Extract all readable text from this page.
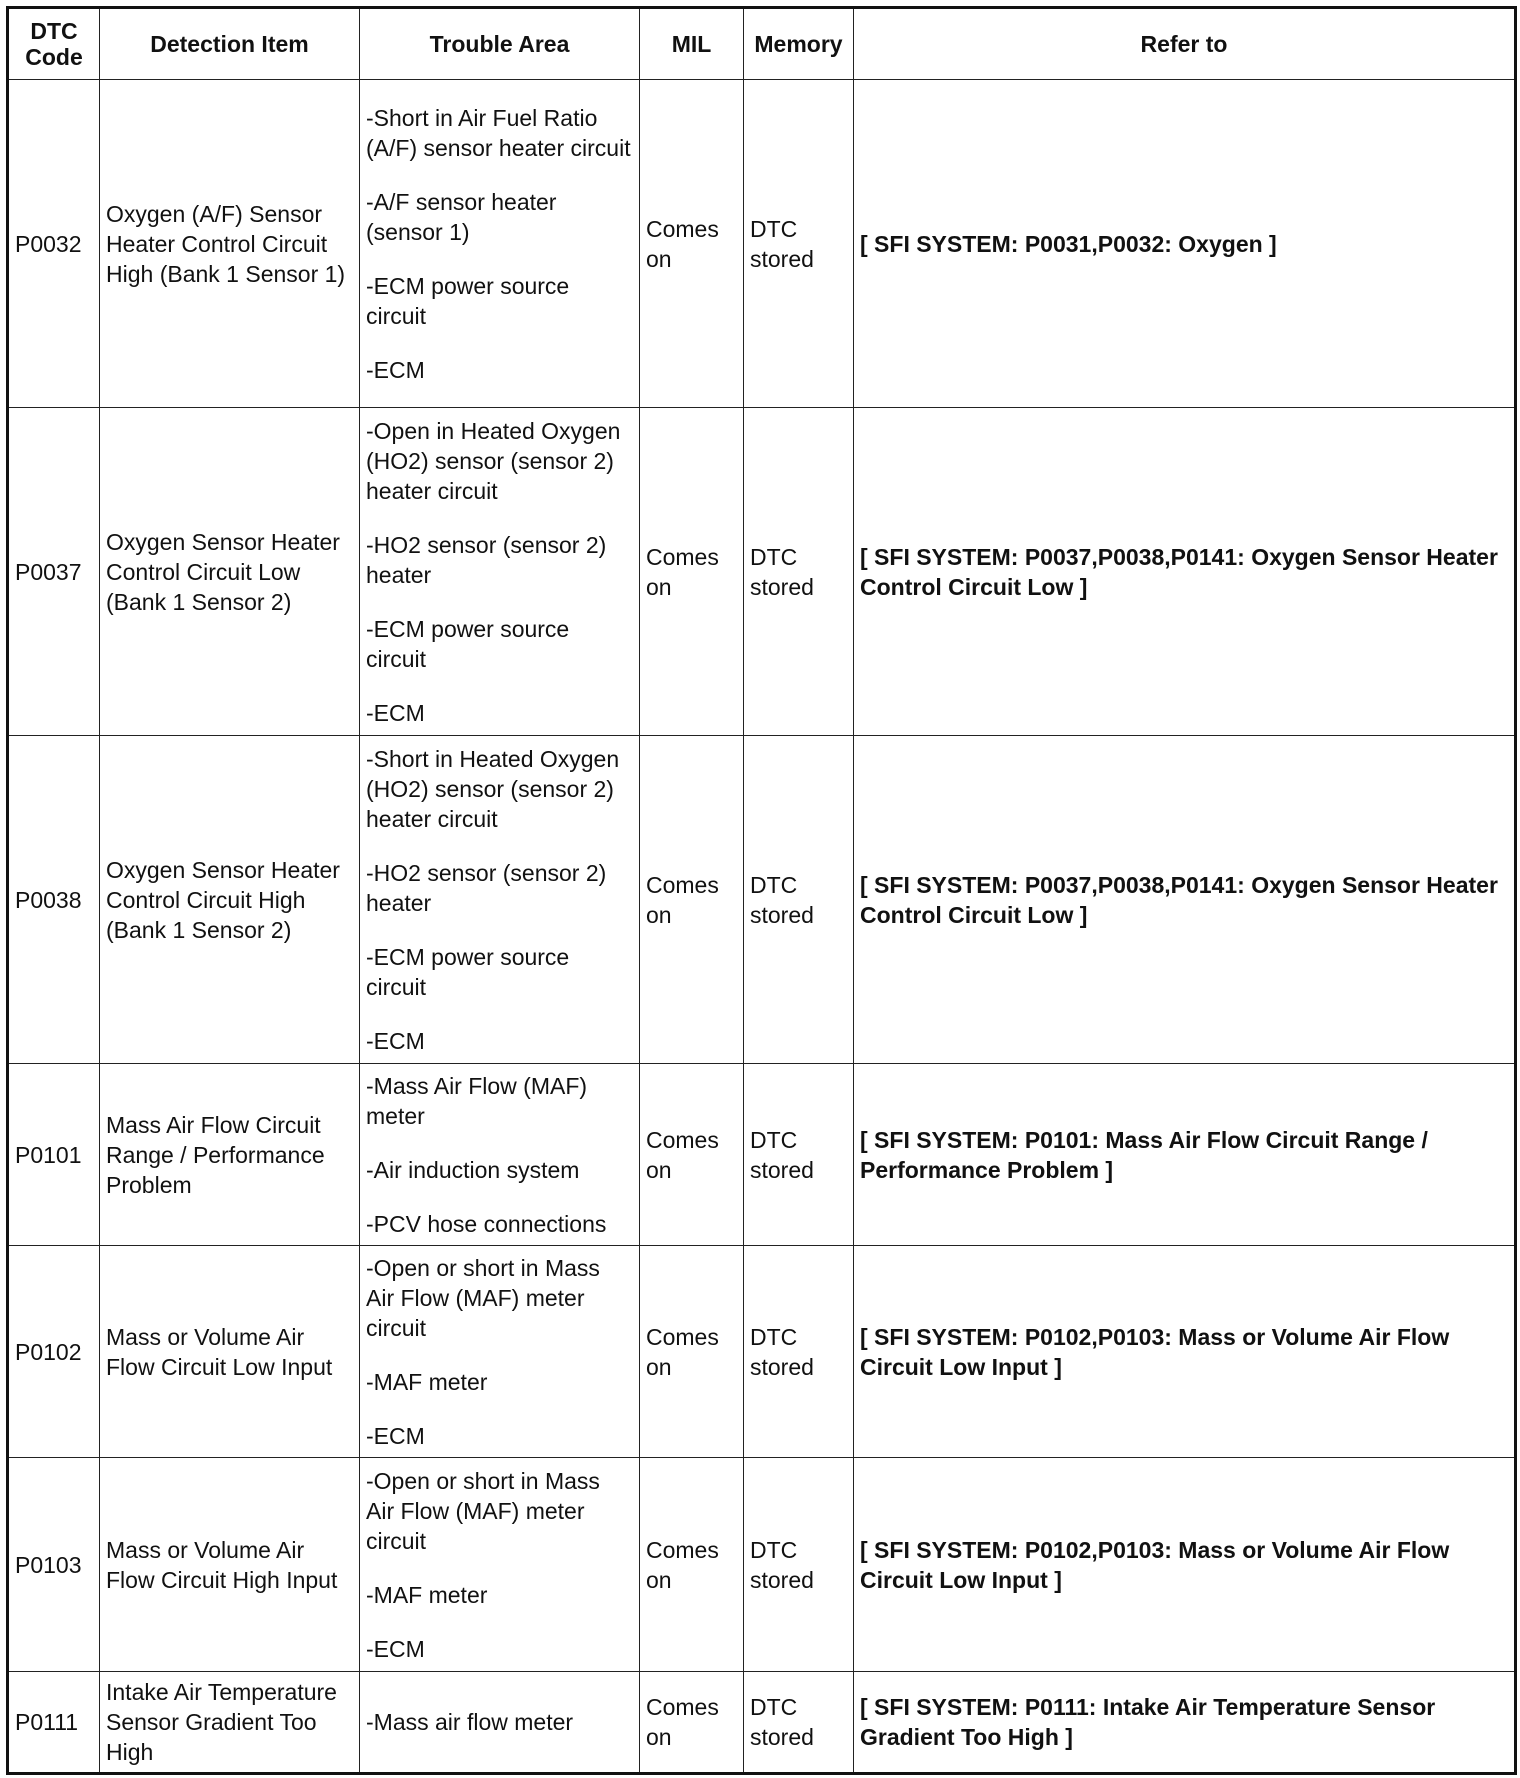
DTC Code	Detection Item	Trouble Area	MIL	Memory	Refer to
P0032	Oxygen (A/F) Sensor Heater Control Circuit High (Bank 1 Sensor 1)	-Short in Air Fuel Ratio (A/F) sensor heater circuit
-A/F sensor heater (sensor 1)
-ECM power source circuit
-ECM	Comes on	DTC stored	[ SFI SYSTEM: P0031,P0032: Oxygen ]
P0037	Oxygen Sensor Heater Control Circuit Low (Bank 1 Sensor 2)	-Open in Heated Oxygen (HO2) sensor (sensor 2) heater circuit
-HO2 sensor (sensor 2) heater
-ECM power source circuit
-ECM	Comes on	DTC stored	[ SFI SYSTEM: P0037,P0038,P0141: Oxygen Sensor Heater Control Circuit Low ]
P0038	Oxygen Sensor Heater Control Circuit High (Bank 1 Sensor 2)	-Short in Heated Oxygen (HO2) sensor (sensor 2) heater circuit
-HO2 sensor (sensor 2) heater
-ECM power source circuit
-ECM	Comes on	DTC stored	[ SFI SYSTEM: P0037,P0038,P0141: Oxygen Sensor Heater Control Circuit Low ]
P0101	Mass Air Flow Circuit Range / Performance Problem	-Mass Air Flow (MAF) meter
-Air induction system
-PCV hose connections	Comes on	DTC stored	[ SFI SYSTEM: P0101: Mass Air Flow Circuit Range / Performance Problem ]
P0102	Mass or Volume Air Flow Circuit Low Input	-Open or short in Mass Air Flow (MAF) meter circuit
-MAF meter
-ECM	Comes on	DTC stored	[ SFI SYSTEM: P0102,P0103: Mass or Volume Air Flow Circuit Low Input ]
P0103	Mass or Volume Air Flow Circuit High Input	-Open or short in Mass Air Flow (MAF) meter circuit
-MAF meter
-ECM	Comes on	DTC stored	[ SFI SYSTEM: P0102,P0103: Mass or Volume Air Flow Circuit Low Input ]
P0111	Intake Air Temperature Sensor Gradient Too High	-Mass air flow meter	Comes on	DTC stored	[ SFI SYSTEM: P0111: Intake Air Temperature Sensor Gradient Too High ]
